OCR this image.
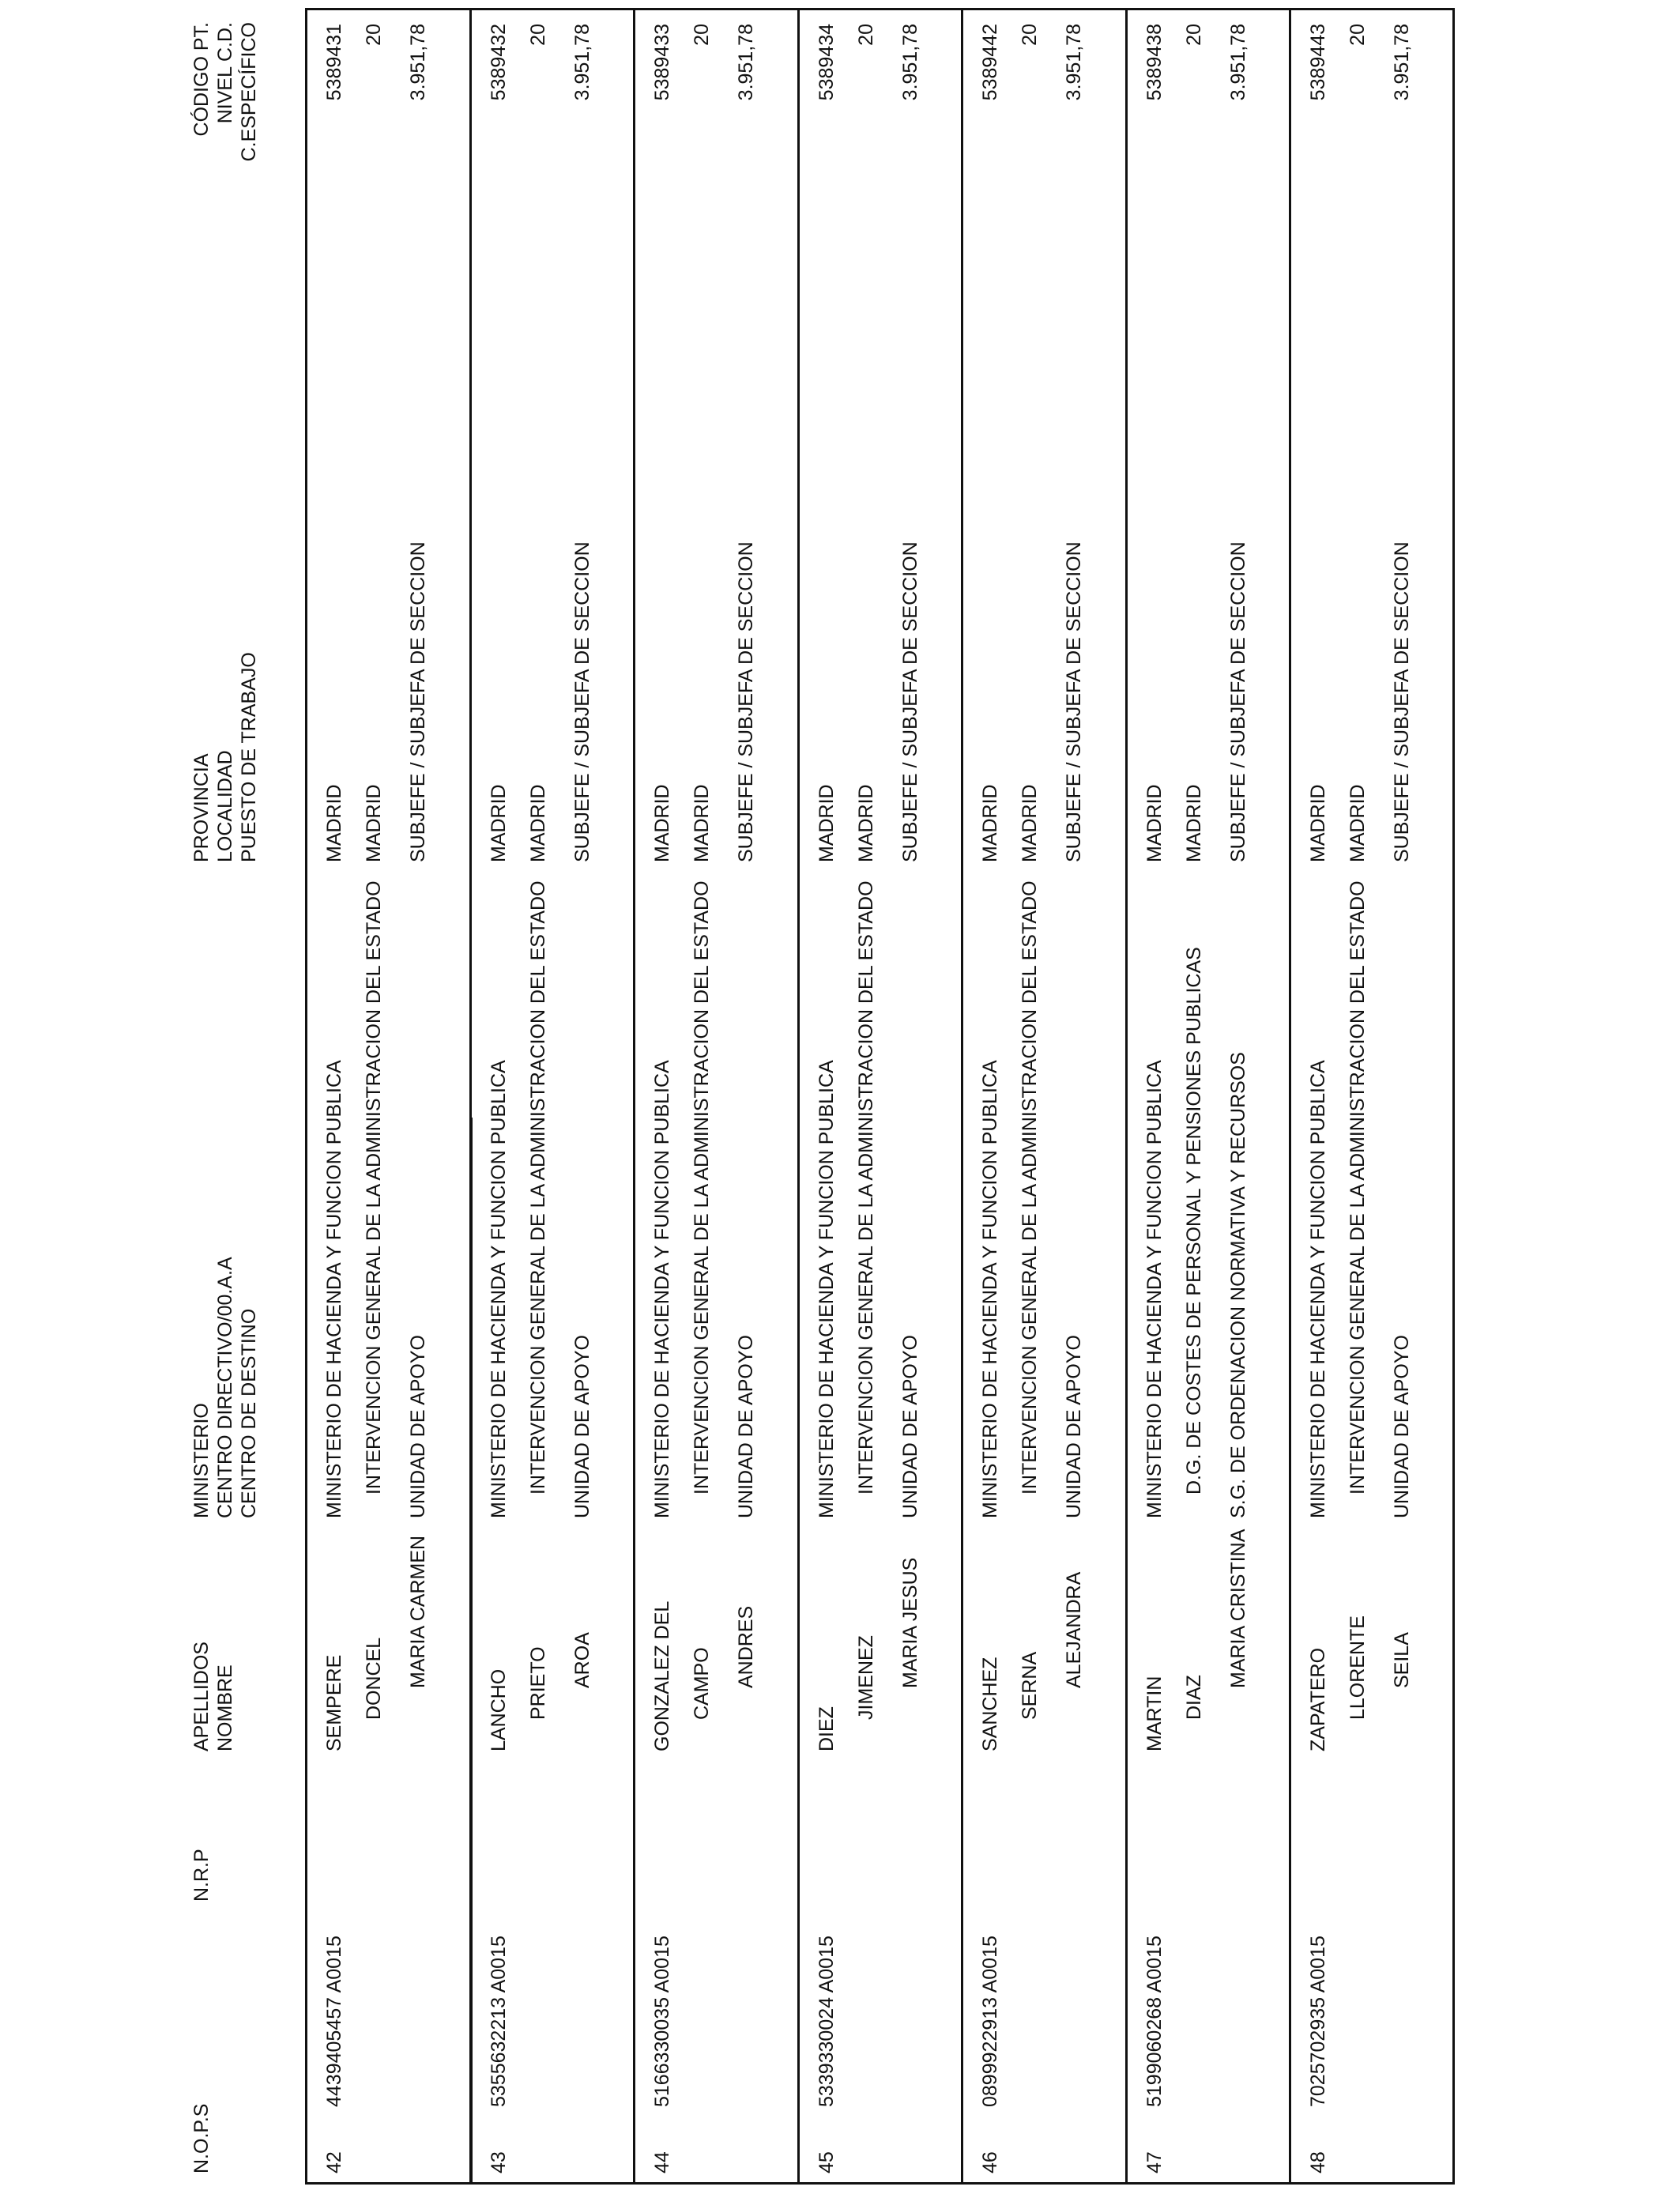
N.O.P.S
N.R.P
APELLIDOS NOMBRE
MINISTERIO CENTRO DIRECTIVO/00.A.A CENTRO DE DESTINO
PROVINCIA LOCALIDAD PUESTO DE TRABAJO
CÓDIGO PT. NIVEL C.D. C.ESPECÍFICO
42
4439405457 A0015
SEMPERE DONCEL MARIA CARMEN
MINISTERIO DE HACIENDA Y FUNCION PUBLICA INTERVENCION GENERAL DE LA ADMINISTRACION DEL ESTADO UNIDAD DE APOYO
MADRID MADRID SUBJEFE / SUBJEFA DE SECCION
5389431 20 3.951,78
43
5355632213 A0015
LANCHO PRIETO AROA
MINISTERIO DE HACIENDA Y FUNCION PUBLICA INTERVENCION GENERAL DE LA ADMINISTRACION DEL ESTADO UNIDAD DE APOYO
MADRID MADRID SUBJEFE / SUBJEFA DE SECCION
5389432 20 3.951,78
44
5166330035 A0015
GONZALEZ DEL CAMPO ANDRES
MINISTERIO DE HACIENDA Y FUNCION PUBLICA INTERVENCION GENERAL DE LA ADMINISTRACION DEL ESTADO UNIDAD DE APOYO
MADRID MADRID SUBJEFE / SUBJEFA DE SECCION
5389433 20 3.951,78
45
5339330024 A0015
DIEZ
JIMENEZ MARIA JESUS
MINISTERIO DE HACIENDA Y FUNCION PUBLICA INTERVENCION GENERAL DE LA ADMINISTRACION DEL ESTADO UNIDAD DE APOYO
MADRID MADRID SUBJEFE / SUBJEFA DE SECCION
5389434 20 3.951,78
46
0899922913 A0015
SANCHEZ SERNA ALEJANDRA
MINISTERIO DE HACIENDA Y FUNCION PUBLICA INTERVENCION GENERAL DE LA ADMINISTRACION DEL ESTADO UNIDAD DE APOYO
MADRID MADRID SUBJEFE / SUBJEFA DE SECCION
5389442 20 3.951,78
47
5199060268 A0015
MARTIN DIAZ
MARIA CRISTINA
MINISTERIO DE HACIENDA Y FUNCION PUBLICA D.G. DE COSTES DE PERSONAL Y PENSIONES PUBLICAS S.G. DE ORDENACION NORMATIVA Y RECURSOS
MADRID MADRID SUBJEFE / SUBJEFA DE SECCION
5389438 20 3.951,78
48
7025702935 A0015
ZAPATERO LLORENTE SEILA
MINISTERIO DE HACIENDA Y FUNCION PUBLICA INTERVENCION GENERAL DE LA ADMINISTRACION DEL ESTADO UNIDAD DE APOYO
MADRID MADRID SUBJEFE / SUBJEFA DE SECCION
5389443 20 3.951,78
